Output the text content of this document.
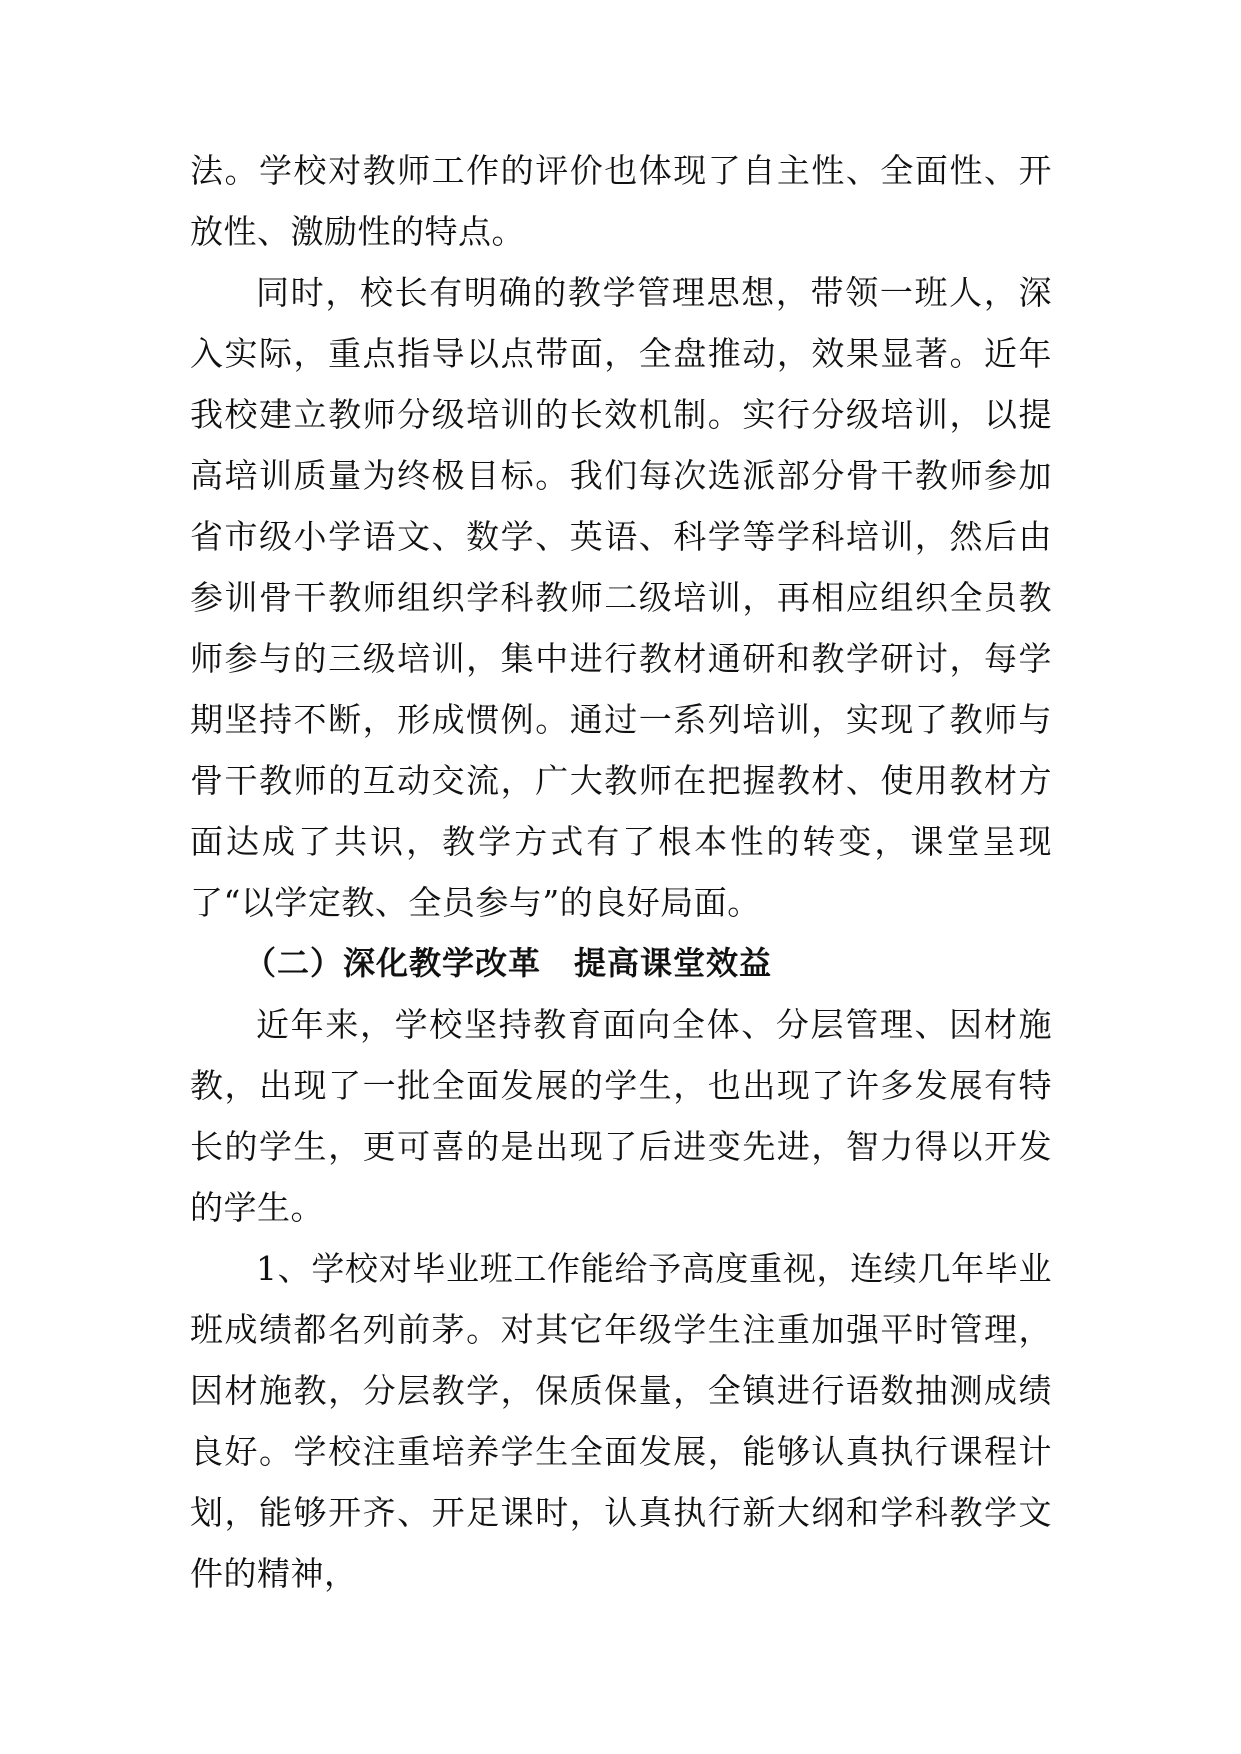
法。学校对教师工作的评价也体现了自主性、全面性、开放性、激励性的特点。

同时，校长有明确的教学管理思想，带领一班人，深入实际，重点指导以点带面，全盘推动，效果显著。近年我校建立教师分级培训的长效机制。实行分级培训，以提高培训质量为终极目标。我们每次选派部分骨干教师参加省市级小学语文、数学、英语、科学等学科培训，然后由参训骨干教师组织学科教师二级培训，再相应组织全员教师参与的三级培训，集中进行教材通研和教学研讨，每学期坚持不断，形成惯例。通过一系列培训，实现了教师与骨干教师的互动交流，广大教师在把握教材、使用教材方面达成了共识，教学方式有了根本性的转变，课堂呈现了“以学定教、全员参与”的良好局面。

（二）深化教学改革　提高课堂效益

近年来，学校坚持教育面向全体、分层管理、因材施教，出现了一批全面发展的学生，也出现了许多发展有特长的学生，更可喜的是出现了后进变先进，智力得以开发的学生。

1、学校对毕业班工作能给予高度重视，连续几年毕业班成绩都名列前茅。对其它年级学生注重加强平时管理，因材施教，分层教学，保质保量，全镇进行语数抽测成绩良好。学校注重培养学生全面发展，能够认真执行课程计划，能够开齐、开足课时，认真执行新大纲和学科教学文件的精神，
